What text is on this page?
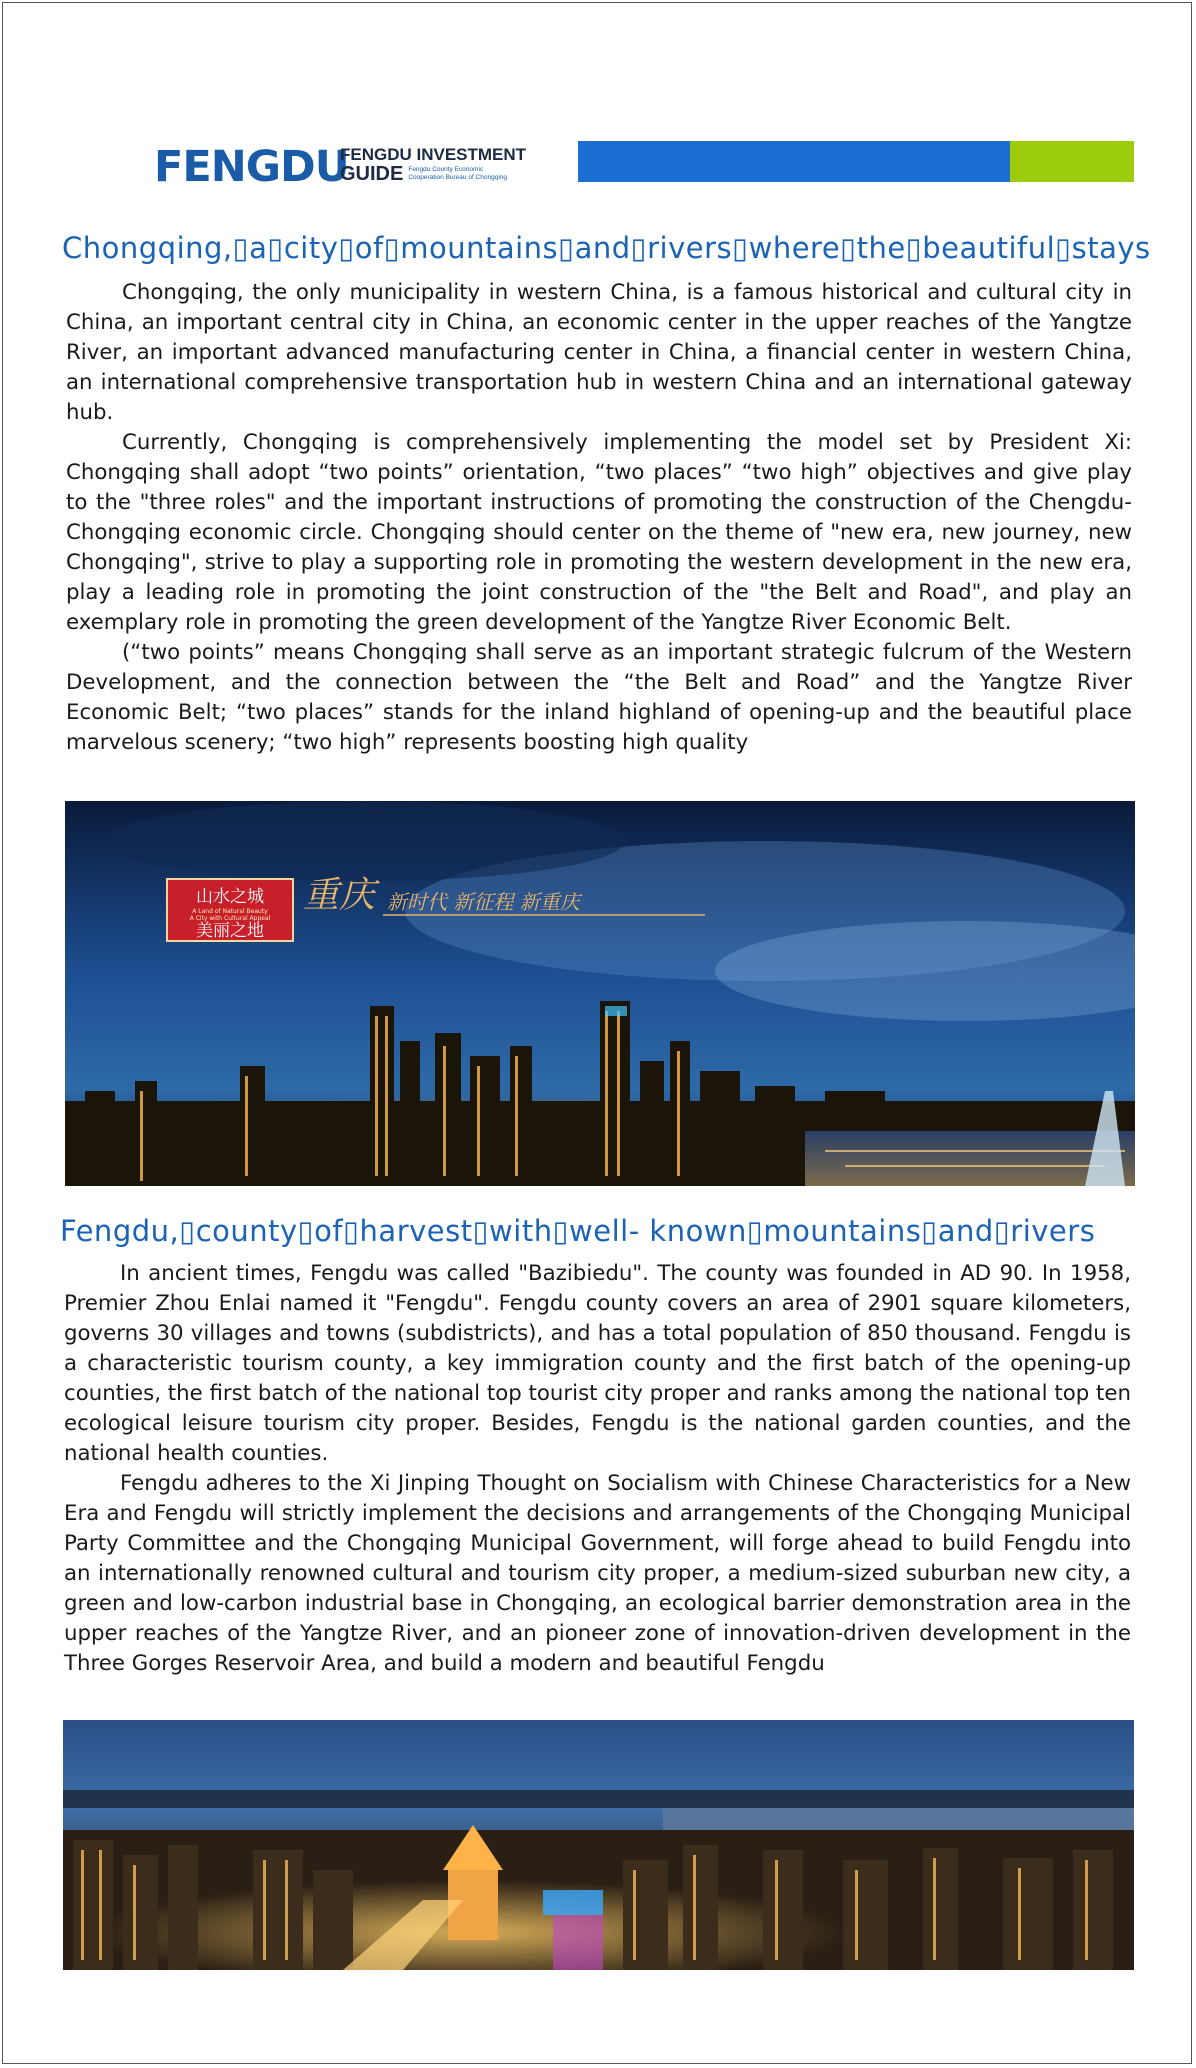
FENGDU
FENGDU INVESTMENT
GUIDE Fengdu County Economic
Cooperation Bureau of Chongqing
Chongqing,▯a▯city▯of▯mountains▯and▯rivers▯where▯the▯beautiful▯stays

Chongqing, the only municipality in western China, is a famous historical and cultural city in China, an important central city in China, an economic center in the upper reaches of the Yangtze River, an important advanced manufacturing center in China, a financial center in western China, an international comprehensive transportation hub in western China and an international gateway hub.

Currently, Chongqing is comprehensively implementing the model set by President Xi: Chongqing shall adopt “two points” orientation, “two places” “two high” objectives and give play to the "three roles" and the important instructions of promoting the construction of the Chengdu-Chongqing economic circle. Chongqing should center on the theme of "new era, new journey, new Chongqing", strive to play a supporting role in promoting the western development in the new era, play a leading role in promoting the joint construction of the "the Belt and Road", and play an exemplary role in promoting the green development of the Yangtze River Economic Belt.

(“two points” means Chongqing shall serve as an important strategic fulcrum of the Western Development, and the connection between the “the Belt and Road” and the Yangtze River Economic Belt; “two places” stands for the inland highland of opening-up and the beautiful place marvelous scenery; “two high” represents boosting high quality

山水之城
A Land of Natural Beauty
A City with Cultural Appeal
美丽之地
重庆 新时代 新征程 新重庆
Fengdu,▯county▯of▯harvest▯with▯well- known▯mountains▯and▯rivers

In ancient times, Fengdu was called "Bazibiedu". The county was founded in AD 90. In 1958, Premier Zhou Enlai named it "Fengdu". Fengdu county covers an area of 2901 square kilometers, governs 30 villages and towns (subdistricts), and has a total population of 850 thousand. Fengdu is a characteristic tourism county, a key immigration county and the first batch of the opening-up counties, the first batch of the national top tourist city proper and ranks among the national top ten ecological leisure tourism city proper. Besides, Fengdu is the national garden counties, and the national health counties.

Fengdu adheres to the Xi Jinping Thought on Socialism with Chinese Characteristics for a New Era and Fengdu will strictly implement the decisions and arrangements of the Chongqing Municipal Party Committee and the Chongqing Municipal Government, will forge ahead to build Fengdu into an internationally renowned cultural and tourism city proper, a medium-sized suburban new city, a green and low-carbon industrial base in Chongqing, an ecological barrier demonstration area in the upper reaches of the Yangtze River, and an pioneer zone of innovation-driven development in the Three Gorges Reservoir Area, and build a modern and beautiful Fengdu
